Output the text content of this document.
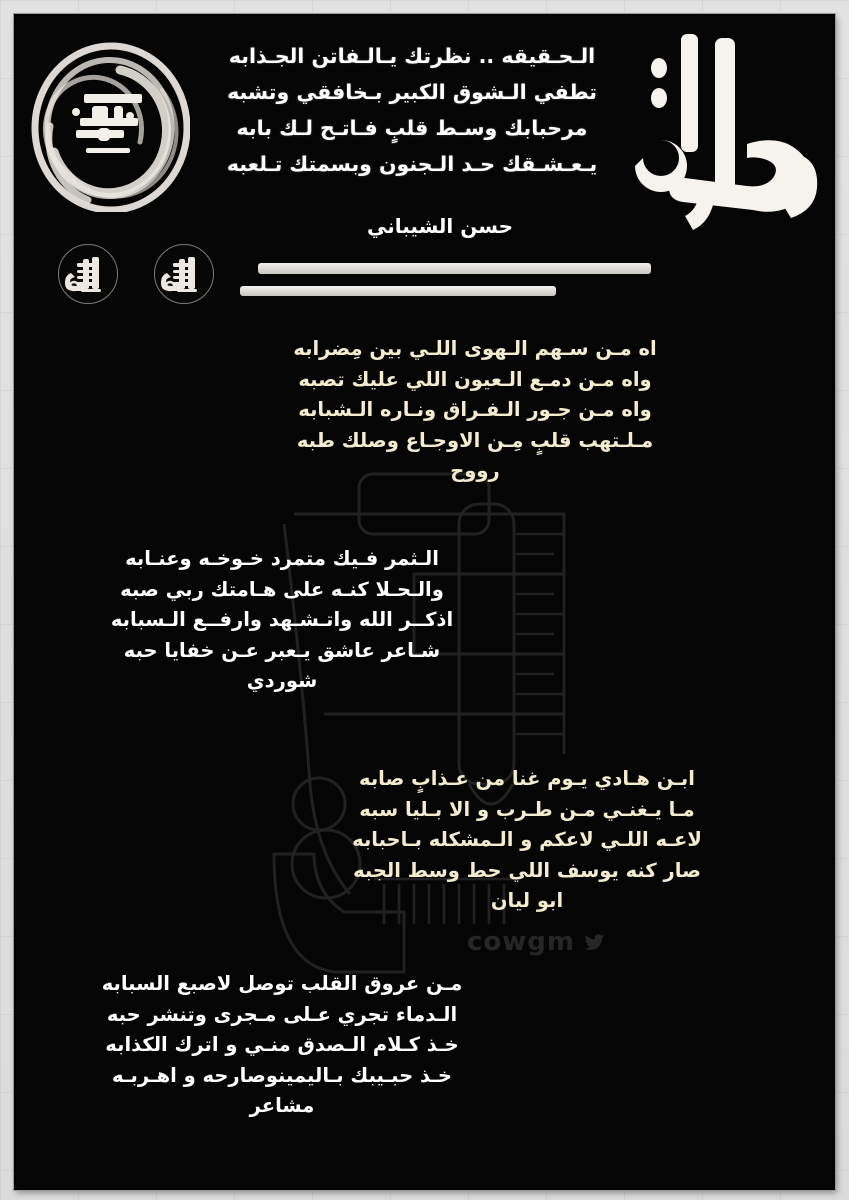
cowgm
الـحـقيقه .. نظرتك يـالـفاتن الجـذابه
تطفي الـشوق الكبير بـخافقي وتشبه
مرحبابك وسـط قلبٍ فـاتـح لـك بابه
يـعـشـقك حـد الـجنون وبسمتك تـلعبه
حسن الشيباني
اه مـن سـهم الـهوى اللـي بين مِضرابه
واه مـن دمـع الـعيون اللي عليك تصبه
واه مـن جـور الـفـراق ونـاره الـشبابه
مـلـتهب قلبٍ مِـن الاوجـاع وصلك طبه
رووح
الـثمر فـيك متمرد خـوخـه وعنـابه
والـحـلا كنـه على هـامتك ربي صبه
اذكــر الله واتـشـهد وارفــع الـسبابه
شـاعر عاشق يـعبر عـن خفايا حبه
شوردي
ابـن هـادي يـوم غنا من عـذابٍ صابه
مـا يـغنـي مـن طـرب و الا بـليا سبه
لاعـه اللـي لاعكم و الـمشكله بـاحبابه
صار كنه يوسف اللي حط وسط الجبه
ابو ليان
مـن عروق القلب توصل لاصبع السبابه
الـدماء تجري عـلى مـجرى وتنشر حبه
خـذ كـلام الـصدق منـي و اترك الكذابه
خـذ حبـيبك بـاليمينوصارحه و اهـربـه
مشاعر
